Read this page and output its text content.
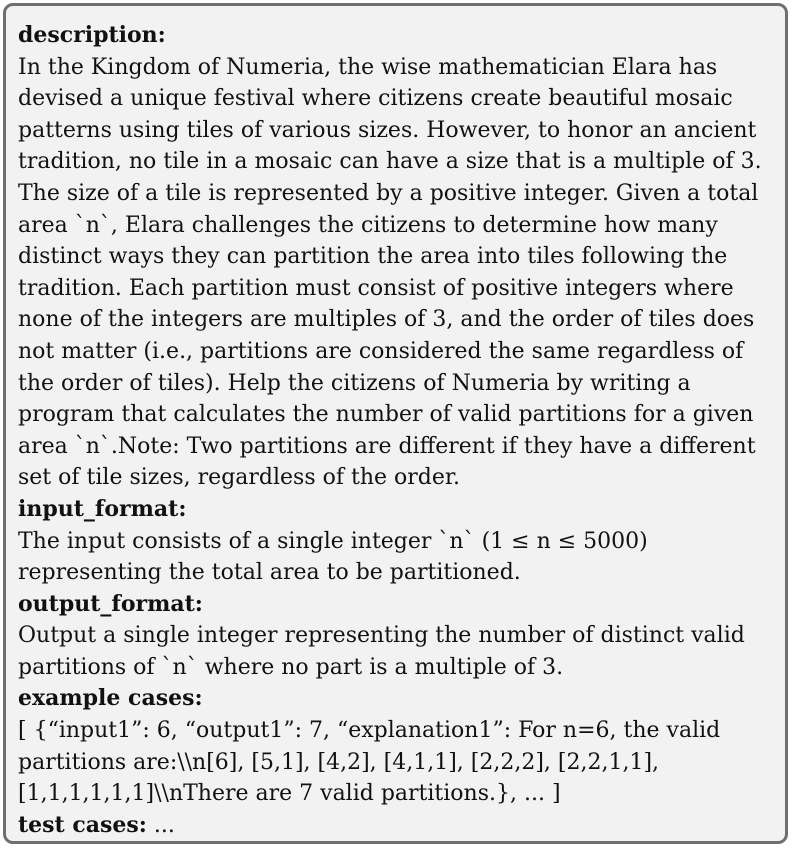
description:
In the Kingdom of Numeria, the wise mathematician Elara has
devised a unique festival where citizens create beautiful mosaic
patterns using tiles of various sizes. However, to honor an ancient
tradition, no tile in a mosaic can have a size that is a multiple of 3.
The size of a tile is represented by a positive integer. Given a total
area `n`, Elara challenges the citizens to determine how many
distinct ways they can partition the area into tiles following the
tradition. Each partition must consist of positive integers where
none of the integers are multiples of 3, and the order of tiles does
not matter (i.e., partitions are considered the same regardless of
the order of tiles). Help the citizens of Numeria by writing a
program that calculates the number of valid partitions for a given
area `n`.Note: Two partitions are different if they have a different
set of tile sizes, regardless of the order.
input_format:
The input consists of a single integer `n` (1 ≤ n ≤ 5000)
representing the total area to be partitioned.
output_format:
Output a single integer representing the number of distinct valid
partitions of `n` where no part is a multiple of 3.
example cases:
[ {“input1”: 6, “output1”: 7, “explanation1”: For n=6, the valid
partitions are:\\n[6], [5,1], [4,2], [4,1,1], [2,2,2], [2,2,1,1],
[1,1,1,1,1,1]\\nThere are 7 valid partitions.}, ... ]
test cases: ...
